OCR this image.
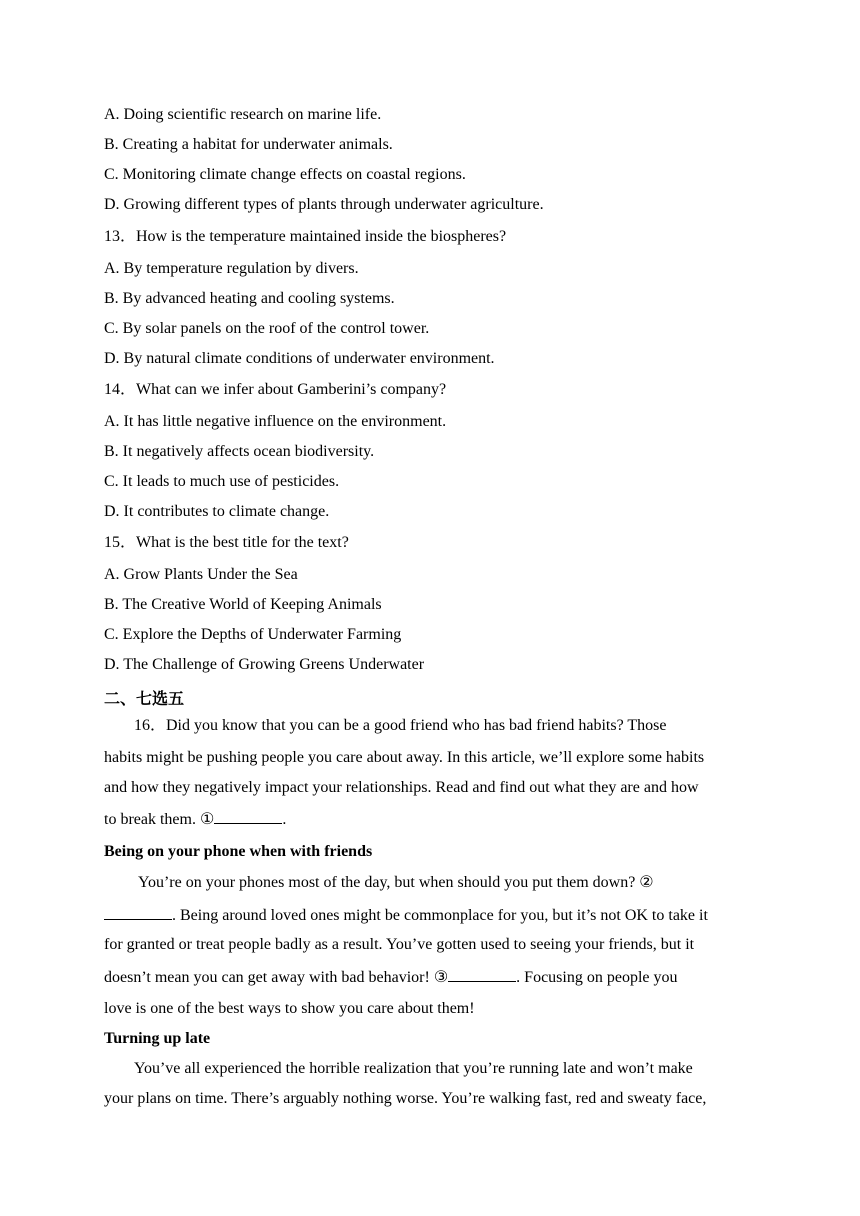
A. Doing scientific research on marine life.
B. Creating a habitat for underwater animals.
C. Monitoring climate change effects on coastal regions.
D. Growing different types of plants through underwater agriculture.
13．How is the temperature maintained inside the biospheres?
A. By temperature regulation by divers.
B. By advanced heating and cooling systems.
C. By solar panels on the roof of the control tower.
D. By natural climate conditions of underwater environment.
14．What can we infer about Gamberini’s company?
A. It has little negative influence on the environment.
B. It negatively affects ocean biodiversity.
C. It leads to much use of pesticides.
D. It contributes to climate change.
15．What is the best title for the text?
A. Grow Plants Under the Sea
B. The Creative World of Keeping Animals
C. Explore the Depths of Underwater Farming
D. The Challenge of Growing Greens Underwater
二、七选五
16．Did you know that you can be a good friend who has bad friend habits? Those
habits might be pushing people you care about away. In this article, we’ll explore some habits
and how they negatively impact your relationships. Read and find out what they are and how
to break them. ①	.
Being on your phone when with friends
You’re on your phones most of the day, but when should you put them down? ②
. Being around loved ones might be commonplace for you, but it’s not OK to take it
for granted or treat people badly as a result. You’ve gotten used to seeing your friends, but it
doesn’t mean you can get away with bad behavior! ③	. Focusing on people you
love is one of the best ways to show you care about them!
Turning up late
You’ve all experienced the horrible realization that you’re running late and won’t make
your plans on time. There’s arguably nothing worse. You’re walking fast, red and sweaty face,
